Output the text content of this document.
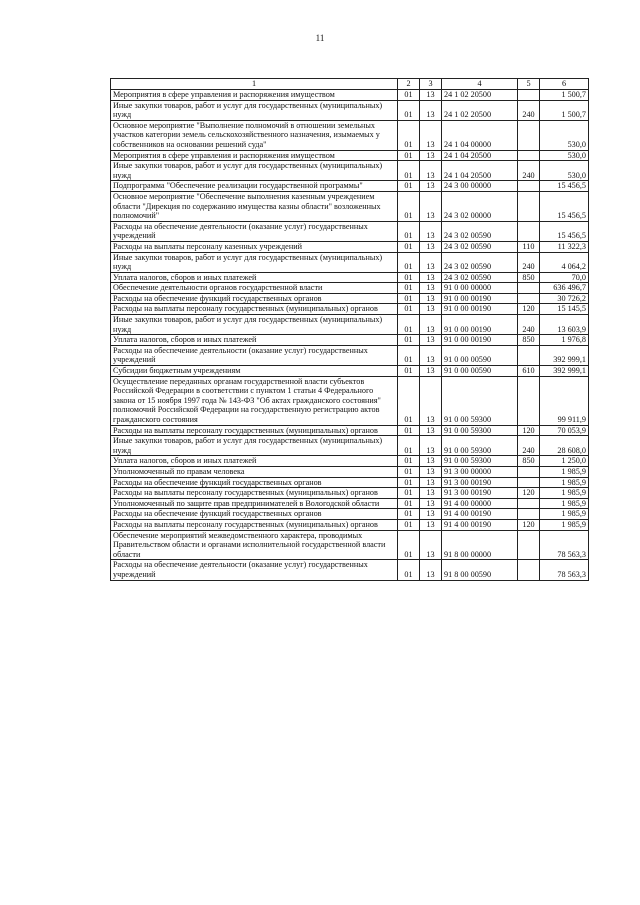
11
1	2	3	4	5	6
Мероприятия в сфере управления и распоряжения имуществом	01	13	24 1 02 20500		1 500,7
Иные закупки товаров, работ и услуг для государственных (муниципальных) нужд	01	13	24 1 02 20500	240	1 500,7
Основное мероприятие "Выполнение полномочий в отношении земельных участков категории земель сельскохозяйственного назначения, изымаемых у собственников на основании решений суда"	01	13	24 1 04 00000		530,0
Мероприятия в сфере управления и распоряжения имуществом	01	13	24 1 04 20500		530,0
Иные закупки товаров, работ и услуг для государственных (муниципальных) нужд	01	13	24 1 04 20500	240	530,0
Подпрограмма "Обеспечение реализации государственной программы"	01	13	24 3 00 00000		15 456,5
Основное мероприятие "Обеспечение выполнения казенным учреждением области "Дирекция по содержанию имущества казны области" возложенных полномочий"	01	13	24 3 02 00000		15 456,5
Расходы на обеспечение деятельности (оказание услуг) государственных учреждений	01	13	24 3 02 00590		15 456,5
Расходы на выплаты персоналу казенных учреждений	01	13	24 3 02 00590	110	11 322,3
Иные закупки товаров, работ и услуг для государственных (муниципальных) нужд	01	13	24 3 02 00590	240	4 064,2
Уплата налогов, сборов и иных платежей	01	13	24 3 02 00590	850	70,0
Обеспечение деятельности органов государственной власти	01	13	91 0 00 00000		636 496,7
Расходы на обеспечение функций государственных органов	01	13	91 0 00 00190		30 726,2
Расходы на выплаты персоналу государственных (муниципальных) органов	01	13	91 0 00 00190	120	15 145,5
Иные закупки товаров, работ и услуг для государственных (муниципальных) нужд	01	13	91 0 00 00190	240	13 603,9
Уплата налогов, сборов и иных платежей	01	13	91 0 00 00190	850	1 976,8
Расходы на обеспечение деятельности (оказание услуг) государственных учреждений	01	13	91 0 00 00590		392 999,1
Субсидии бюджетным учреждениям	01	13	91 0 00 00590	610	392 999,1
Осуществление переданных органам государственной власти субъектов Российской Федерации в соответствии с пунктом 1 статьи 4 Федерального закона от 15 ноября 1997 года № 143-ФЗ "Об актах гражданского состояния" полномочий Российской Федерации на государственную регистрацию актов гражданского состояния	01	13	91 0 00 59300		99 911,9
Расходы на выплаты персоналу государственных (муниципальных) органов	01	13	91 0 00 59300	120	70 053,9
Иные закупки товаров, работ и услуг для государственных (муниципальных) нужд	01	13	91 0 00 59300	240	28 608,0
Уплата налогов, сборов и иных платежей	01	13	91 0 00 59300	850	1 250,0
Уполномоченный по правам человека	01	13	91 3 00 00000		1 985,9
Расходы на обеспечение функций государственных органов	01	13	91 3 00 00190		1 985,9
Расходы на выплаты персоналу государственных (муниципальных) органов	01	13	91 3 00 00190	120	1 985,9
Уполномоченный по защите прав предпринимателей в Вологодской области	01	13	91 4 00 00000		1 985,9
Расходы на обеспечение функций государственных органов	01	13	91 4 00 00190		1 985,9
Расходы на выплаты персоналу государственных (муниципальных) органов	01	13	91 4 00 00190	120	1 985,9
Обеспечение мероприятий межведомственного характера, проводимых Правительством области и органами исполнительной государственной власти области	01	13	91 8 00 00000		78 563,3
Расходы на обеспечение деятельности (оказание услуг) государственных учреждений	01	13	91 8 00 00590		78 563,3
